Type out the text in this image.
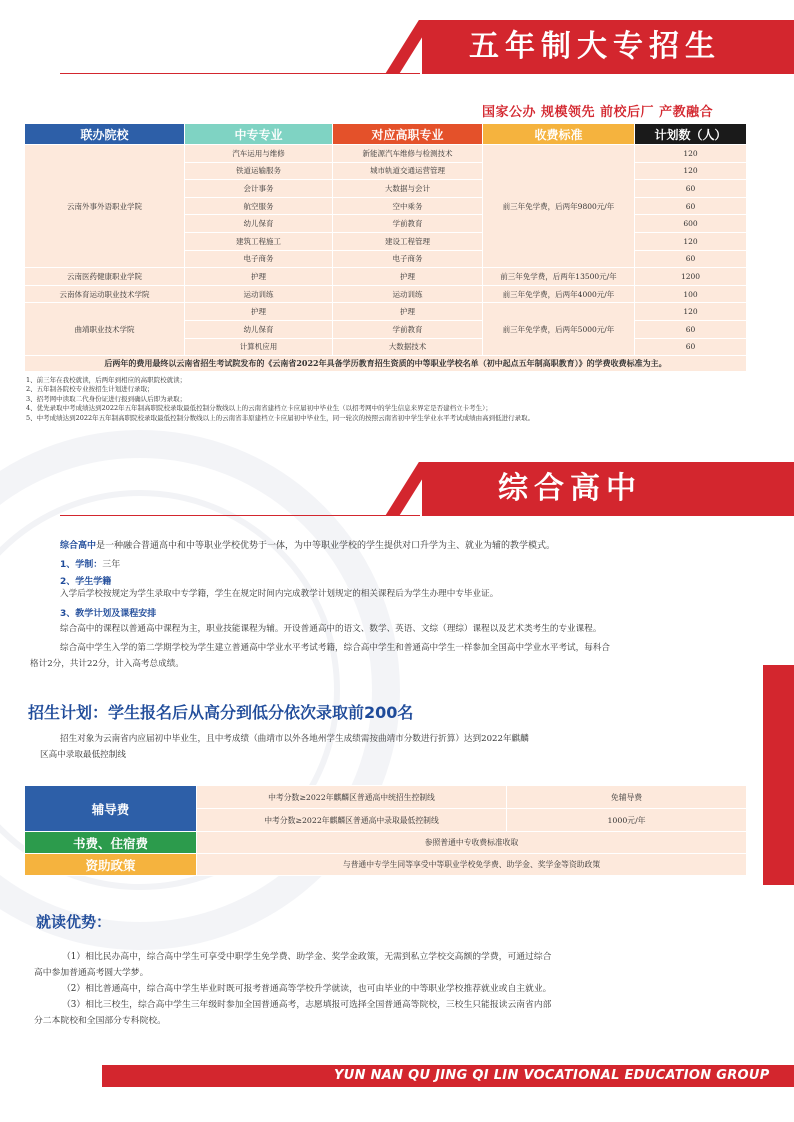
五年制大专招生
国家公办 规模领先 前校后厂 产教融合
联办院校	中专专业	对应高职专业	收费标准	计划数（人）
云南外事外语职业学院	汽车运用与维修	新能源汽车维修与检测技术	前三年免学费，后两年9800元/年	120
	铁道运输服务	城市轨道交通运营管理		120
	会计事务	大数据与会计		60
	航空服务	空中乘务		60
	幼儿保育	学前教育		600
	建筑工程施工	建设工程管理		120
	电子商务	电子商务		60
云南医药健康职业学院	护理	护理	前三年免学费，后两年13500元/年	1200
云南体育运动职业技术学院	运动训练	运动训练	前三年免学费，后两年4000元/年	100
曲靖职业技术学院	护理	护理	前三年免学费，后两年5000元/年	120
	幼儿保育	学前教育		60
	计算机应用	大数据技术		60
后两年的费用最终以云南省招生考试院发布的《云南省2022年具备学历教育招生资质的中等职业学校名单（初中起点五年制高职教育）》的学费收费标准为主。				
1、前三年在我校就读，后两年到相应的高职院校就读；
2、五年制各院校专业按招生计划进行录取；
3、招考网中读取二代身份证进行报到确认后即为录取；
4、优先录取中考成绩达到2022年五年制高职院校录取最低控制分数线以上的云南省建档立卡应届初中毕业生（以招考网中的学生信息来界定是否建档立卡考生）；
5、中考成绩达到2022年五年制高职院校录取最低控制分数线以上的云南省非原建档立卡应届初中毕业生，同一轮次的按照云南省初中学生学业水平考试成绩由高到低进行录取。
综合高中
综合高中是一种融合普通高中和中等职业学校优势于一体，为中等职业学校的学生提供对口升学为主、就业为辅的教学模式。
1、学制：三年
2、学生学籍
入学后学校按规定为学生录取中专学籍，学生在规定时间内完成教学计划规定的相关课程后为学生办理中专毕业证。
3、教学计划及课程安排
综合高中的课程以普通高中课程为主，职业技能课程为辅。开设普通高中的语文、数学、英语、文综（理综）课程以及艺术类考生的专业课程。
综合高中学生入学的第二学期学校为学生建立普通高中学业水平考试考籍，综合高中学生和普通高中学生一样参加全国高中学业水平考试，每科合
格计2分，共计22分，计入高考总成绩。
招生计划：学生报名后从高分到低分依次录取前200名
招生对象为云南省内应届初中毕业生，且中考成绩（曲靖市以外各地州学生成绩需按曲靖市分数进行折算）达到2022年麒麟
区高中录取最低控制线
辅导费	中考分数≥2022年麒麟区普通高中统招生控制线	免辅导费
	中考分数≥2022年麒麟区普通高中录取最低控制线	1000元/年
书费、住宿费	参照普通中专收费标准收取	
资助政策	与普通中专学生同等享受中等职业学校免学费、助学金、奖学金等资助政策	
就读优势：
（1）相比民办高中，综合高中学生可享受中职学生免学费、助学金、奖学金政策，无需到私立学校交高额的学费，可通过综合
高中参加普通高考圆大学梦。
（2）相比普通高中，综合高中学生毕业时既可报考普通高等学校升学就读，也可由毕业的中等职业学校推荐就业或自主就业。
（3）相比三校生，综合高中学生三年级时参加全国普通高考，志愿填报可选择全国普通高等院校，三校生只能报读云南省内部
分二本院校和全国部分专科院校。
YUN NAN QU JING QI LIN VOCATIONAL EDUCATION GROUP
